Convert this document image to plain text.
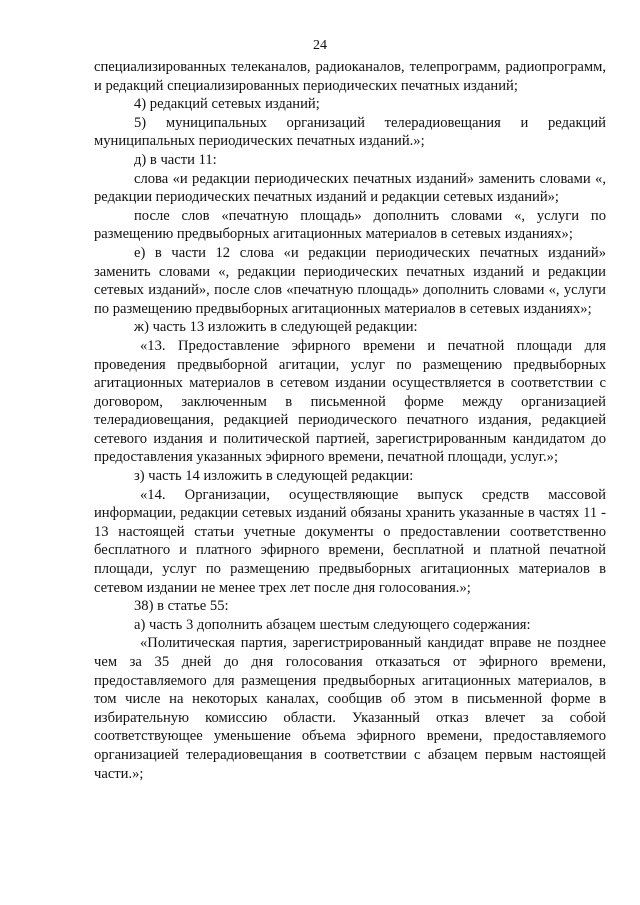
24

специализированных телеканалов, радиоканалов, телепрограмм, радиопрограмм, и редакций специализированных периодических печатных изданий;

4) редакций сетевых изданий;

5) муниципальных организаций телерадиовещания и редакций муниципальных периодических печатных изданий.»;

д) в части 11:

слова «и редакции периодических печатных изданий» заменить словами «, редакции периодических печатных изданий и редакции сетевых изданий»;

после слов «печатную площадь» дополнить словами «, услуги по размещению предвыборных агитационных материалов в сетевых изданиях»;

е) в части 12 слова «и редакции периодических печатных изданий» заменить словами «, редакции периодических печатных изданий и редакции сетевых изданий», после слов «печатную площадь» дополнить словами «, услуги по размещению предвыборных агитационных материалов в сетевых изданиях»;

ж) часть 13 изложить в следующей редакции:

«13. Предоставление эфирного времени и печатной площади для проведения предвыборной агитации, услуг по размещению предвыборных агитационных материалов в сетевом издании осуществляется в соответствии с договором, заключенным в письменной форме между организацией телерадиовещания, редакцией периодического печатного издания, редакцией сетевого издания и политической партией, зарегистрированным кандидатом до предоставления указанных эфирного времени, печатной площади, услуг.»;

з) часть 14 изложить в следующей редакции:

«14. Организации, осуществляющие выпуск средств массовой информации, редакции сетевых изданий обязаны хранить указанные в частях 11 - 13 настоящей статьи учетные документы о предоставлении соответственно бесплатного и платного эфирного времени, бесплатной и платной печатной площади, услуг по размещению предвыборных агитационных материалов в сетевом издании не менее трех лет после дня голосования.»;

38) в статье 55:

а) часть 3 дополнить абзацем шестым следующего содержания:

«Политическая партия, зарегистрированный кандидат вправе не позднее чем за 35 дней до дня голосования отказаться от эфирного времени, предоставляемого для размещения предвыборных агитационных материалов, в том числе на некоторых каналах, сообщив об этом в письменной форме в избирательную комиссию области. Указанный отказ влечет за собой соответствующее уменьшение объема эфирного времени, предоставляемого организацией телерадиовещания в соответствии с абзацем первым настоящей части.»;
